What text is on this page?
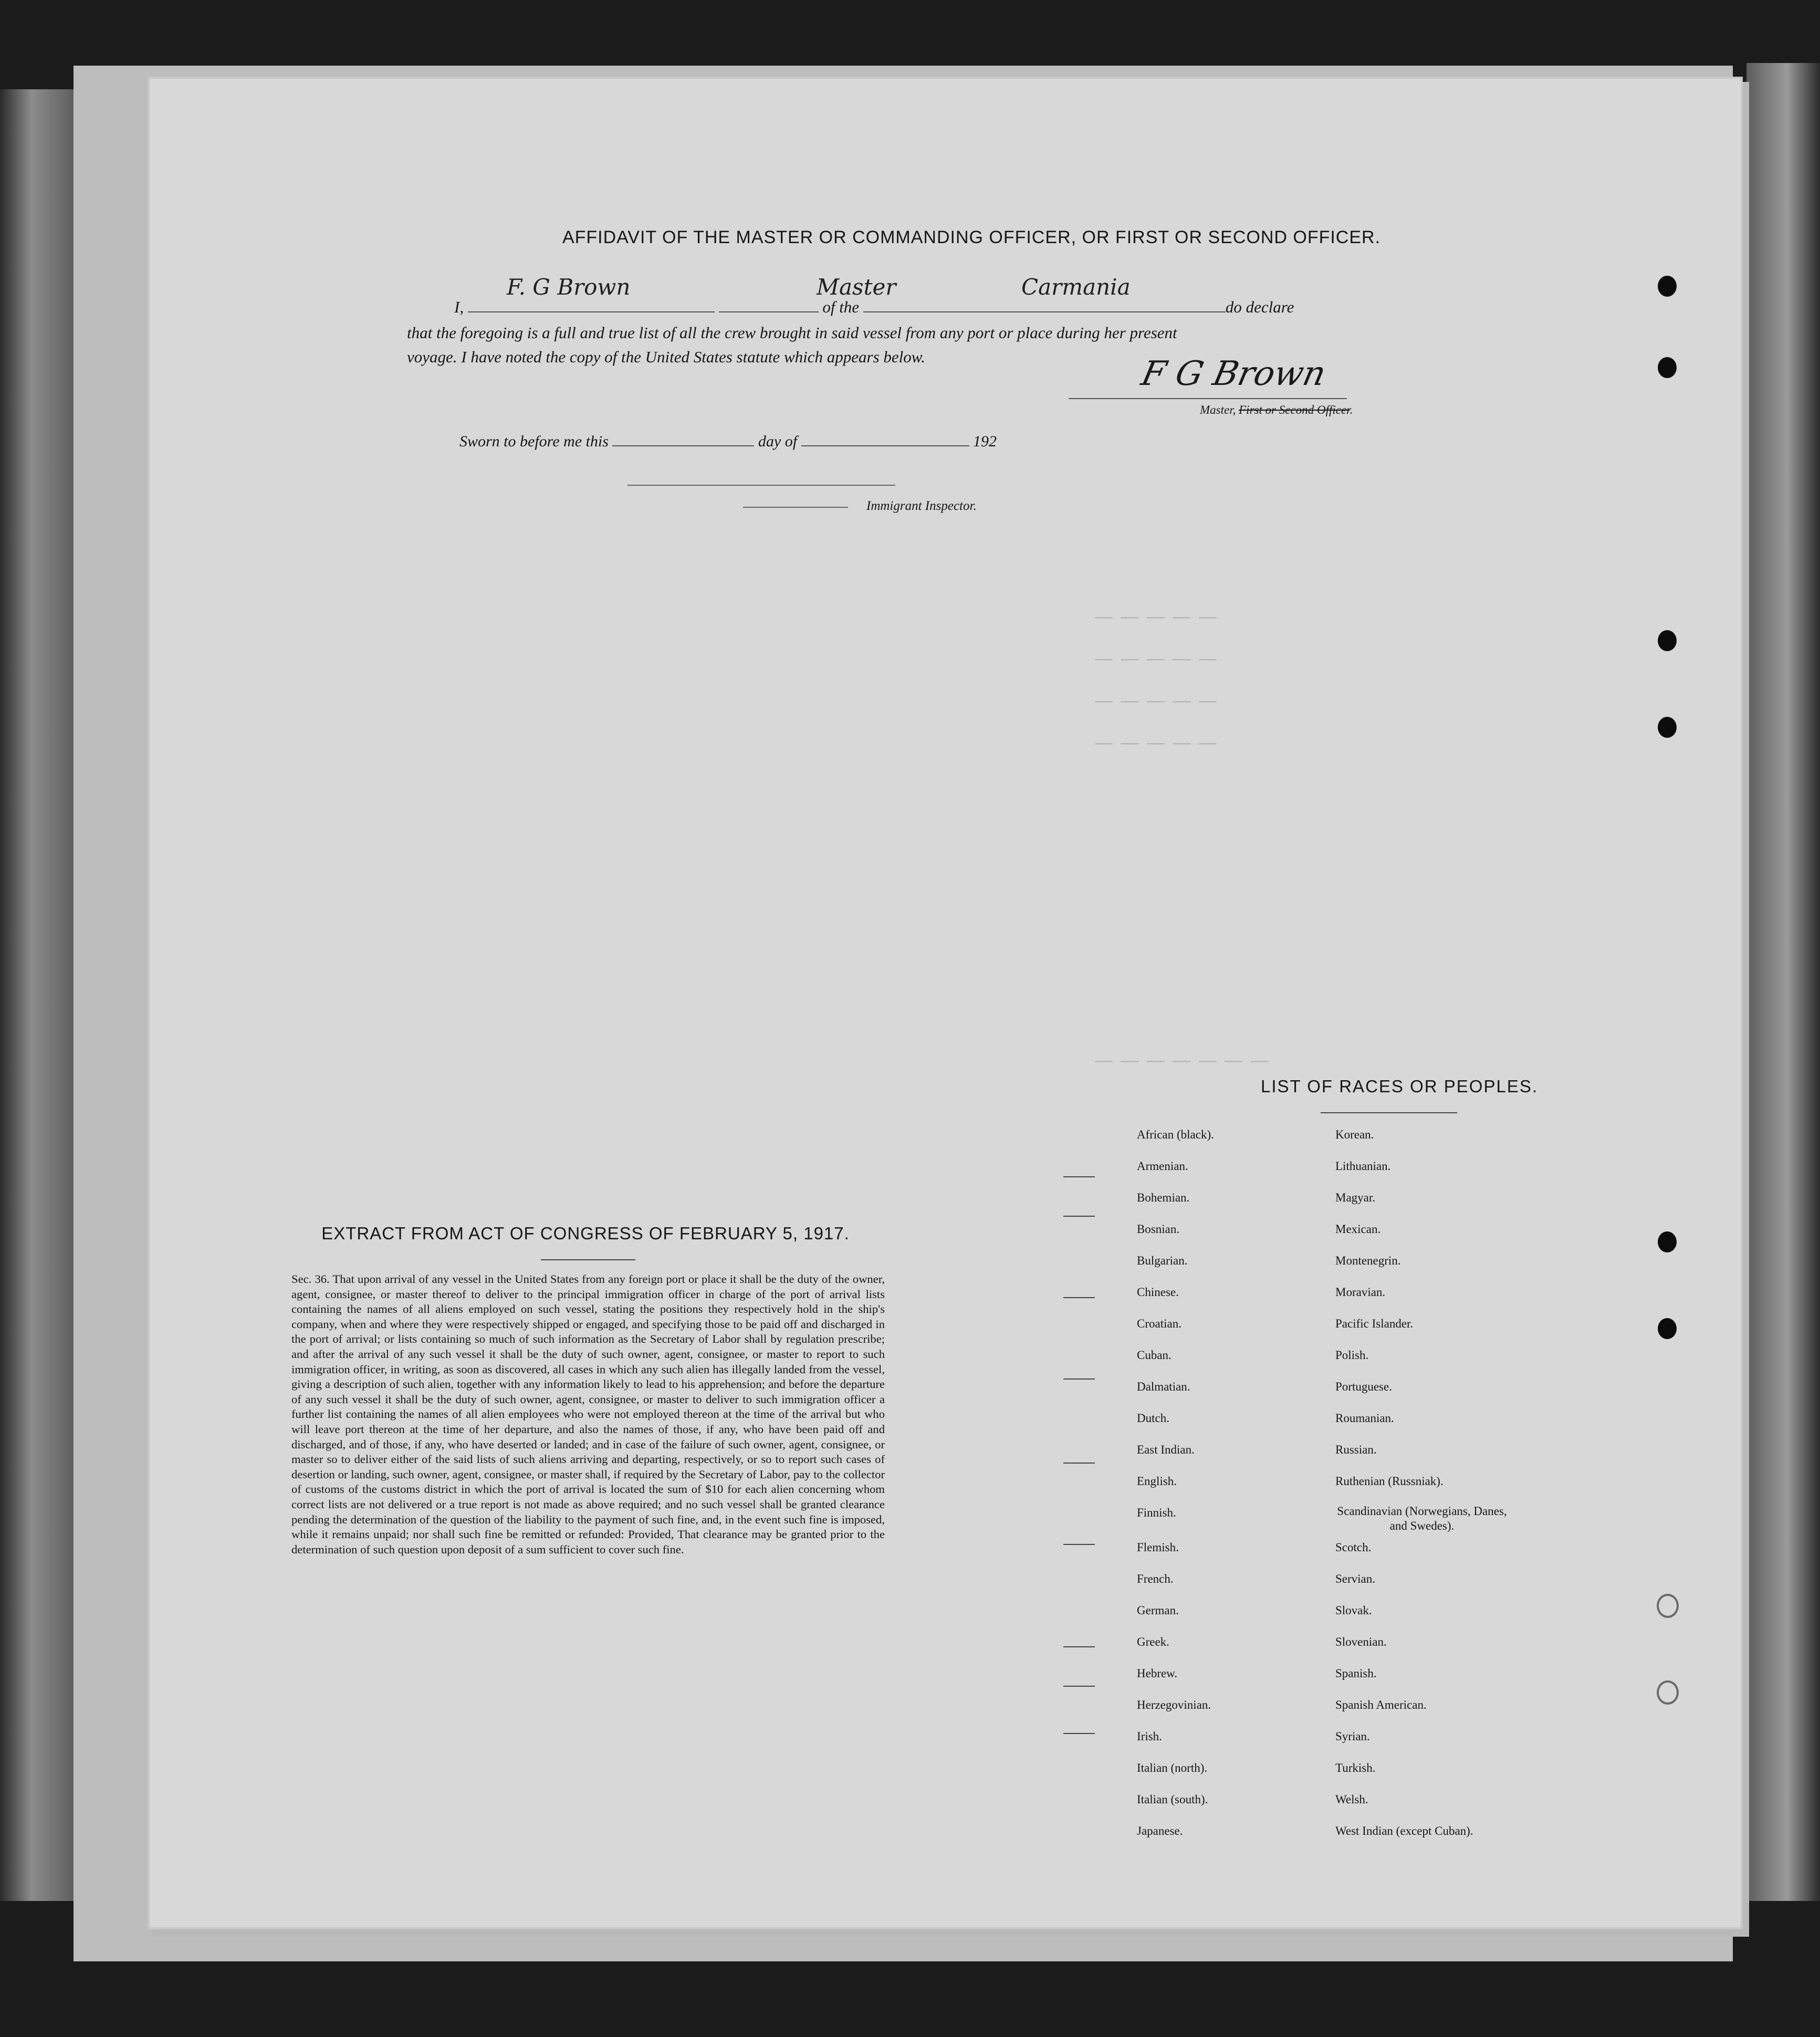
— — — — —
— — — — —
— — — — —
— — — — —
— — — — — — —
AFFIDAVIT OF THE MASTER OR COMMANDING OFFICER, OR FIRST OR SECOND OFFICER.
I,	of the	do declare
F. G Brown	Master	Carmania
that the foregoing is a full and true list of all the crew brought in said vessel from any port or place during her present
voyage. I have noted the copy of the United States statute which appears below.	F G Brown
Master, First or Second Officer.
Sworn to before me this	day of	192
Immigrant Inspector.
EXTRACT FROM ACT OF CONGRESS OF FEBRUARY 5, 1917.
Sec. 36. That upon arrival of any vessel in the United States from any foreign port or place it shall be the duty of the owner, agent, consignee, or master thereof to deliver to the principal immigration officer in charge of the port of arrival lists containing the names of all aliens employed on such vessel, stating the positions they respectively hold in the ship's company, when and where they were respectively shipped or engaged, and specifying those to be paid off and discharged in the port of arrival; or lists containing so much of such information as the Secretary of Labor shall by regulation prescribe; and after the arrival of any such vessel it shall be the duty of such owner, agent, consignee, or master to report to such immigration officer, in writing, as soon as discovered, all cases in which any such alien has illegally landed from the vessel, giving a description of such alien, together with any information likely to lead to his apprehension; and before the departure of any such vessel it shall be the duty of such owner, agent, consignee, or master to deliver to such immigration officer a further list containing the names of all alien employees who were not employed thereon at the time of the arrival but who will leave port thereon at the time of her departure, and also the names of those, if any, who have been paid off and discharged, and of those, if any, who have deserted or landed; and in case of the failure of such owner, agent, consignee, or master so to deliver either of the said lists of such aliens arriving and departing, respectively, or so to report such cases of desertion or landing, such owner, agent, consignee, or master shall, if required by the Secretary of Labor, pay to the collector of customs of the customs district in which the port of arrival is located the sum of $10 for each alien concerning whom correct lists are not delivered or a true report is not made as above required; and no such vessel shall be granted clearance pending the determination of the question of the liability to the payment of such fine, and, in the event such fine is imposed, while it remains unpaid; nor shall such fine be remitted or refunded: Provided, That clearance may be granted prior to the determination of such question upon deposit of a sum sufficient to cover such fine.
LIST OF RACES OR PEOPLES.
African (black).
Armenian.
Bohemian.
Bosnian.
Bulgarian.
Chinese.
Croatian.
Cuban.
Dalmatian.
Dutch.
East Indian.
English.
Finnish.
Flemish.
French.
German.
Greek.
Hebrew.
Herzegovinian.
Irish.
Italian (north).
Italian (south).
Japanese.
Korean.
Lithuanian.
Magyar.
Mexican.
Montenegrin.
Moravian.
Pacific Islander.
Polish.
Portuguese.
Roumanian.
Russian.
Ruthenian (Russniak).
Scandinavian (Norwegians, Danes, and Swedes).
Scotch.
Servian.
Slovak.
Slovenian.
Spanish.
Spanish American.
Syrian.
Turkish.
Welsh.
West Indian (except Cuban).
